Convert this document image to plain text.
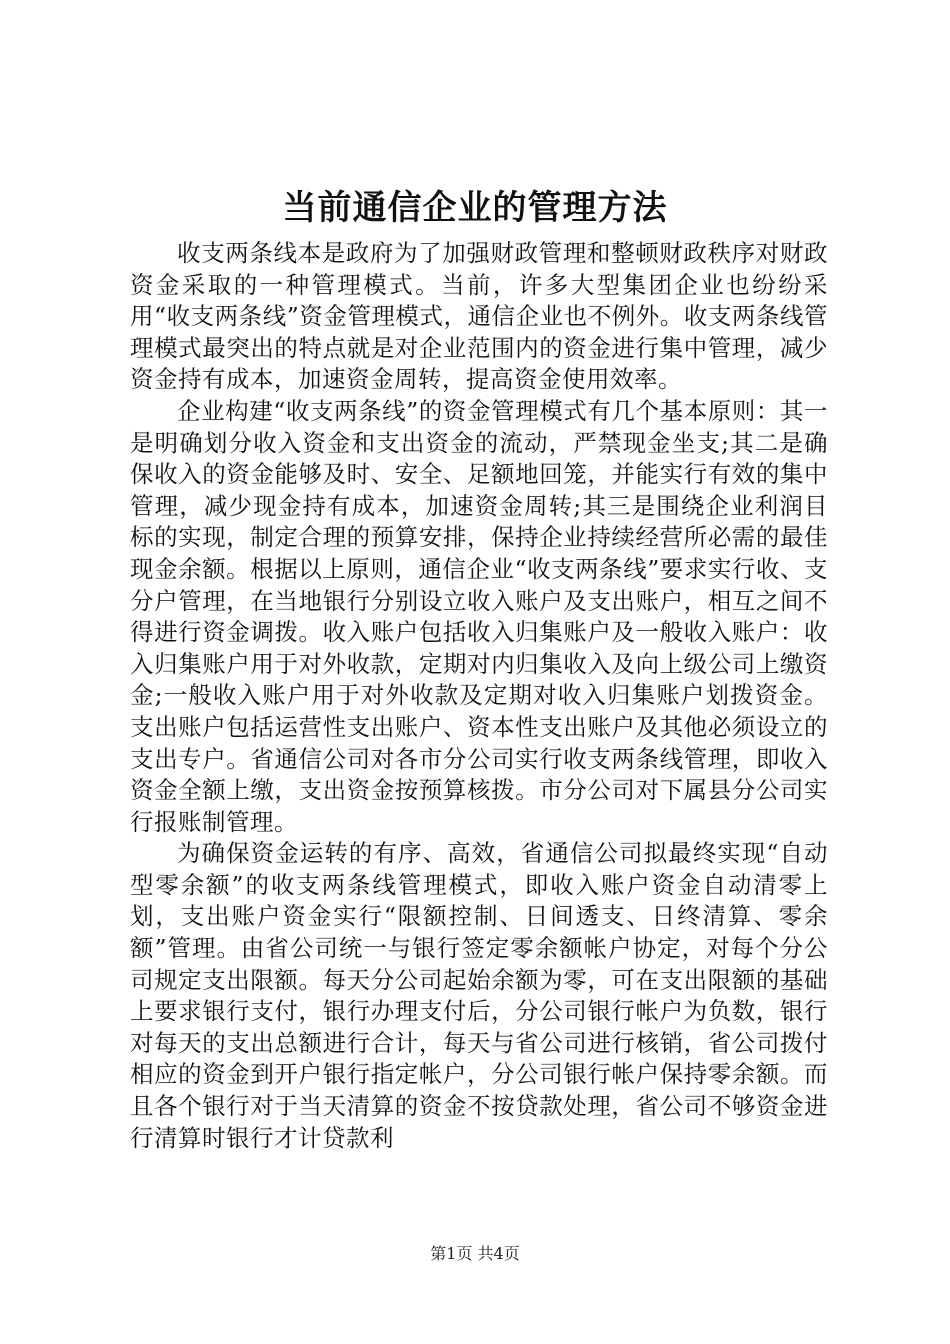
当前通信企业的管理方法

收支两条线本是政府为了加强财政管理和整顿财政秩序对财政资金采取的一种管理模式。当前，许多大型集团企业也纷纷采用“收支两条线”资金管理模式，通信企业也不例外。收支两条线管理模式最突出的特点就是对企业范围内的资金进行集中管理，减少资金持有成本，加速资金周转，提高资金使用效率。

企业构建“收支两条线”的资金管理模式有几个基本原则：其一是明确划分收入资金和支出资金的流动，严禁现金坐支;其二是确保收入的资金能够及时、安全、足额地回笼，并能实行有效的集中管理，减少现金持有成本，加速资金周转;其三是围绕企业利润目标的实现，制定合理的预算安排，保持企业持续经营所必需的最佳现金余额。根据以上原则，通信企业“收支两条线”要求实行收、支分户管理，在当地银行分别设立收入账户及支出账户，相互之间不得进行资金调拨。收入账户包括收入归集账户及一般收入账户：收入归集账户用于对外收款，定期对内归集收入及向上级公司上缴资金;一般收入账户用于对外收款及定期对收入归集账户划拨资金。支出账户包括运营性支出账户、资本性支出账户及其他必须设立的支出专户。省通信公司对各市分公司实行收支两条线管理，即收入资金全额上缴，支出资金按预算核拨。市分公司对下属县分公司实行报账制管理。

为确保资金运转的有序、高效，省通信公司拟最终实现“自动型零余额”的收支两条线管理模式，即收入账户资金自动清零上划，支出账户资金实行“限额控制、日间透支、日终清算、零余额”管理。由省公司统一与银行签定零余额帐户协定，对每个分公司规定支出限额。每天分公司起始余额为零，可在支出限额的基础上要求银行支付，银行办理支付后，分公司银行帐户为负数，银行对每天的支出总额进行合计，每天与省公司进行核销，省公司拨付相应的资金到开户银行指定帐户，分公司银行帐户保持零余额。而且各个银行对于当天清算的资金不按贷款处理，省公司不够资金进行清算时银行才计贷款利

第1页 共4页
